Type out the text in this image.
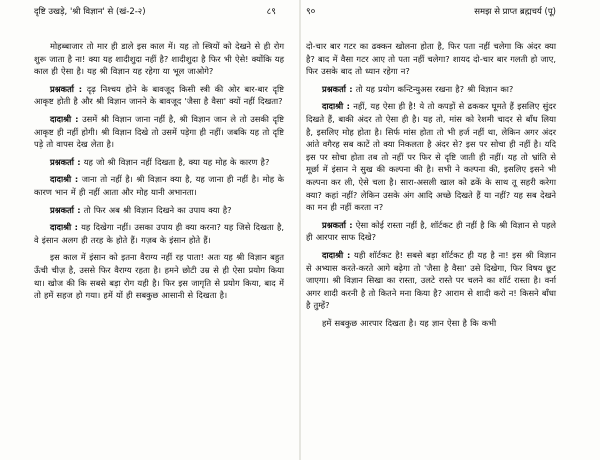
दृष्टि उखड़े, 'श्री विज्ञान' से (खं-2-२)	८९

मोहब्बाजार तो मार ही डाले इस काल में। यह तो स्त्रियों को देखने से ही रोग शुरू जाता है ना! क्या यह शादीशुदा नहीं है? शादीशुदा है फिर भी ऐसे! क्योंकि यह काल ही ऐसा है। यह श्री विज्ञान यह रहेगा या भूल जाओगे?

प्रश्नकर्ता : दृढ़ निश्चय होने के बावजूद किसी स्त्री की ओर बार-बार दृष्टि आकृष्ट होती है और श्री विज्ञान जानने के बावजूद 'जैसा है वैसा' क्यों नहीं दिखता?

दादाश्री : उसमें श्री विज्ञान जाना नहीं है, श्री विज्ञान जान ले तो उसकी दृष्टि आकृष्ट ही नहीं होगी। श्री विज्ञान दिखे तो उसमें पड़ेगा ही नहीं। जबकि यह तो दृष्टि पड़े तो वापस देख लेता है।

प्रश्नकर्ता : यह जो श्री विज्ञान नहीं दिखता है, क्या यह मोह के कारण है?

दादाश्री : जाना तो नहीं है। श्री विज्ञान क्या है, यह जाना ही नहीं है। मोह के कारण भान में ही नहीं आता और मोह यानी अभानता।

प्रश्नकर्ता : तो फिर अब श्री विज्ञान दिखने का उपाय क्या है?

दादाश्री : यह दिखेगा नहीं। उसका उपाय ही क्या करना? यह जिसे दिखता है, वे इंसान अलग ही तरह के होते हैं। गज़ब के इंसान होते हैं।

इस काल में इंसान को इतना वैराग्य नहीं रह पाता! अतः यह श्री विज्ञान बहुत ऊँची चीज़ है, उससे फिर वैराग्य रहता है। हमने छोटी उम्र से ही ऐसा प्रयोग किया था। खोज की कि सबसे बड़ा रोग यही है। फिर इस जागृति से प्रयोग किया, बाद में तो हमें सहज हो गया। हमें यों ही सबकुछ आसानी से दिखता है।

९०	समझ से प्राप्त ब्रह्मचर्य (पू)

दो-चार बार गटर का ढक्कन खोलना होता है, फिर पता नहीं चलेगा कि अंदर क्या है? बाद में वैसा गटर आए तो पता नहीं चलेगा? शायद दो-चार बार गलती हो जाए, फिर उसके बाद तो ध्यान रहेगा न?

प्रश्नकर्ता : तो यह प्रयोग कन्टिन्युअस रखना है? श्री विज्ञान का?

दादाश्री : नहीं, यह ऐसा ही है! ये तो कपड़ों से ढककर घूमते हैं इसलिए सुंदर दिखते हैं, बाकी अंदर तो ऐसा ही है। यह तो, मांस को रेशमी चादर से बाँध लिया है, इसलिए मोह होता है। सिर्फ मांस होता तो भी हर्ज नहीं था, लेकिन अगर अंदर आंते वगैरह सब काटें तो क्या निकलता है अंदर से? इस पर सोचा ही नहीं है। यदि इस पर सोचा होता तब तो नहीं पर फिर से दृष्टि जाती ही नहीं। यह तो भ्रांति से मूर्छा में इंसान ने सुख की कल्पना की है। सभी ने कल्पना की, इसलिए इसने भी कल्पना कर ली, ऐसे चला है। सारा-असली खाल को ढकें के साथ तू सहरी करेगा क्या? कहां नहीं? लेकिन उसके अंग आदि अच्छे दिखते हैं या नहीं? यह सब देखने का मन ही नहीं करता न?

प्रश्नकर्ता : ऐसा कोई रास्ता नहीं है, शॉर्टकट ही नहीं है कि श्री विज्ञान से पहले ही आरपार साफ दिखे?

दादाश्री : यही शॉर्टकट है! सबसे बड़ा शॉर्टकट ही यह है ना! इस श्री विज्ञान से अभ्यास करते-करते आगे बढ़ेगा तो 'जैसा है वैसा' उसे दिखेगा, फिर विषय छूट जाएगा। श्री विज्ञान सिखा का रास्ता, उलटे रास्ते पर चलने का शॉर्ट रास्ता है। वर्ना अगर शादी करनी है तो कितने मना किया है? आराम से शादी करो न! किसने बाँधा है तुम्हें?

हमें सबकुछ आरपार दिखता है। यह ज्ञान ऐसा है कि कभी
